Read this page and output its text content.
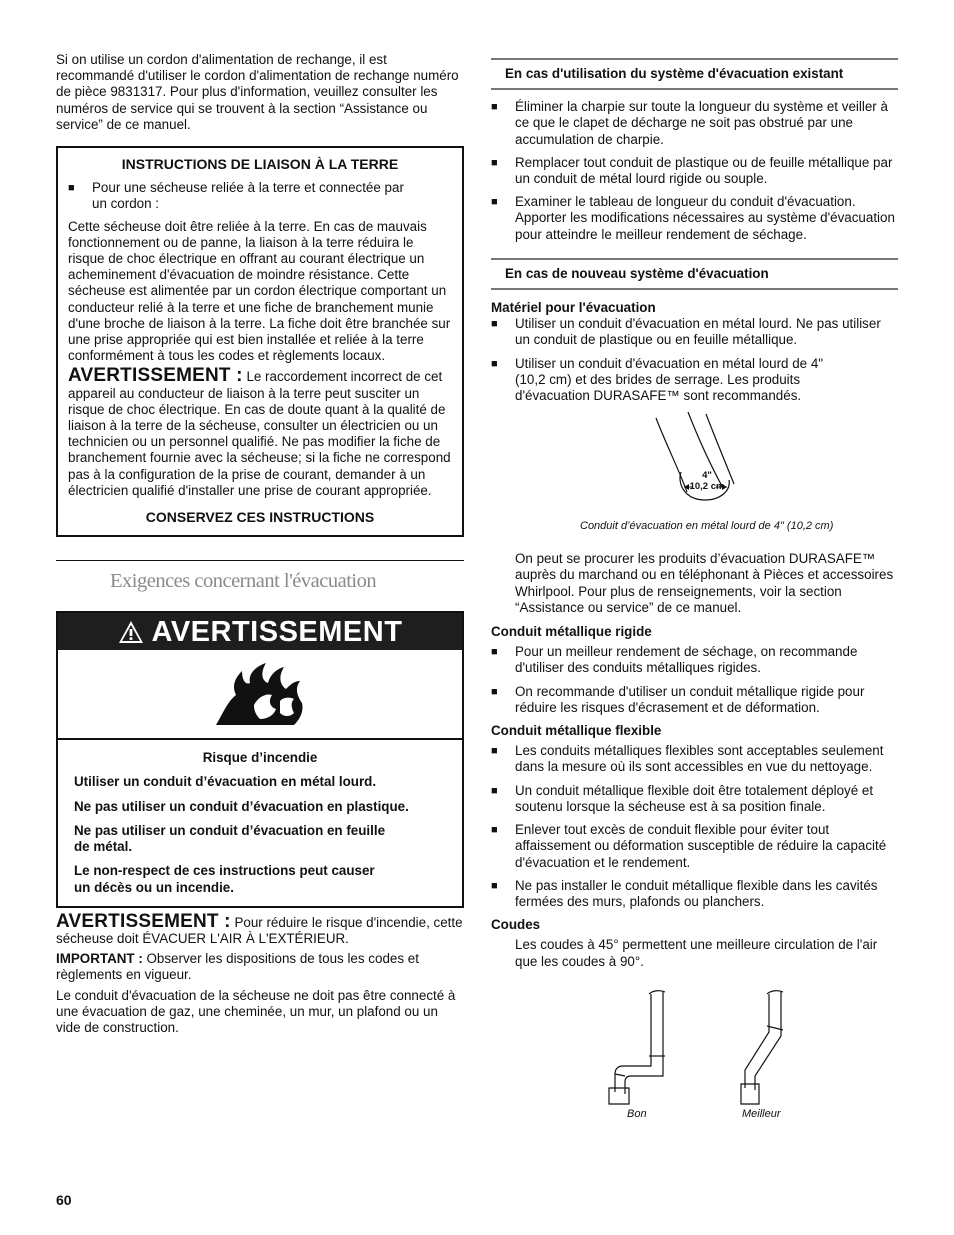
Si on utilise un cordon d'alimentation de rechange, il est recommandé d'utiliser le cordon d'alimentation de rechange numéro de pièce 9831317. Pour plus d'information, veuillez consulter les numéros de service qui se trouvent à la section “Assistance ou service” de ce manuel.

INSTRUCTIONS DE LIAISON À LA TERRE

■	Pour une sécheuse reliée à la terre et connectée par un cordon :

Cette sécheuse doit être reliée à la terre. En cas de mauvais fonctionnement ou de panne, la liaison à la terre réduira le risque de choc électrique en offrant au courant électrique un acheminement d'évacuation de moindre résistance. Cette sécheuse est alimentée par un cordon électrique comportant un conducteur relié à la terre et une fiche de branchement munie d'une broche de liaison à la terre. La fiche doit être branchée sur une prise appropriée qui est bien installée et reliée à la terre conformément à tous les codes et règlements locaux.

AVERTISSEMENT : Le raccordement incorrect de cet appareil au conducteur de liaison à la terre peut susciter un risque de choc électrique. En cas de doute quant à la qualité de liaison à la terre de la sécheuse, consulter un électricien ou un technicien ou un personnel qualifié. Ne pas modifier la fiche de branchement fournie avec la sécheuse; si la fiche ne correspond pas à la configuration de la prise de courant, demander à un électricien qualifié d'installer une prise de courant appropriée.

CONSERVEZ CES INSTRUCTIONS

Exigences concernant l'évacuation

AVERTISSEMENT

Risque d’incendie

Utiliser un conduit d’évacuation en métal lourd.

Ne pas utiliser un conduit d’évacuation en plastique.

Ne pas utiliser un conduit d’évacuation en feuille de métal.

Le non-respect de ces instructions peut causer un décès ou un incendie.

AVERTISSEMENT : Pour réduire le risque d'incendie, cette sécheuse doit ÉVACUER L'AIR À L'EXTÉRIEUR.

IMPORTANT : Observer les dispositions de tous les codes et règlements en vigueur.

Le conduit d'évacuation de la sécheuse ne doit pas être connecté à une évacuation de gaz, une cheminée, un mur, un plafond ou un vide de construction.

En cas d'utilisation du système d'évacuation existant
■	Éliminer la charpie sur toute la longueur du système et veiller à ce que le clapet de décharge ne soit pas obstrué par une accumulation de charpie.
■	Remplacer tout conduit de plastique ou de feuille métallique par un conduit de métal lourd rigide ou souple.
■	Examiner le tableau de longueur du conduit d'évacuation. Apporter les modifications nécessaires au système d'évacuation pour atteindre le meilleur rendement de séchage.
En cas de nouveau système d'évacuation

Matériel pour l'évacuation

■	Utiliser un conduit d'évacuation en métal lourd. Ne pas utiliser un conduit de plastique ou en feuille métallique.
■	Utiliser un conduit d'évacuation en métal lourd de 4" (10,2 cm) et des brides de serrage. Les produits d'évacuation DURASAFE™ sont recommandés.
4"
10,2 cm
Conduit d’évacuation en métal lourd de 4" (10,2 cm)

On peut se procurer les produits d’évacuation DURASAFE™ auprès du marchand ou en téléphonant à Pièces et accessoires Whirlpool. Pour plus de renseignements, voir la section “Assistance ou service” de ce manuel.

Conduit métallique rigide

■	Pour un meilleur rendement de séchage, on recommande d'utiliser des conduits métalliques rigides.
■	On recommande d'utiliser un conduit métallique rigide pour réduire les risques d'écrasement et de déformation.

Conduit métallique flexible

■	Les conduits métalliques flexibles sont acceptables seulement dans la mesure où ils sont accessibles en vue du nettoyage.
■	Un conduit métallique flexible doit être totalement déployé et soutenu lorsque la sécheuse est à sa position finale.
■	Enlever tout excès de conduit flexible pour éviter tout affaissement ou déformation susceptible de réduire la capacité d'évacuation et le rendement.
■	Ne pas installer le conduit métallique flexible dans les cavités fermées des murs, plafonds ou planchers.

Coudes

Les coudes à 45° permettent une meilleure circulation de l'air que les coudes à 90°.

Bon	Meilleur
60
